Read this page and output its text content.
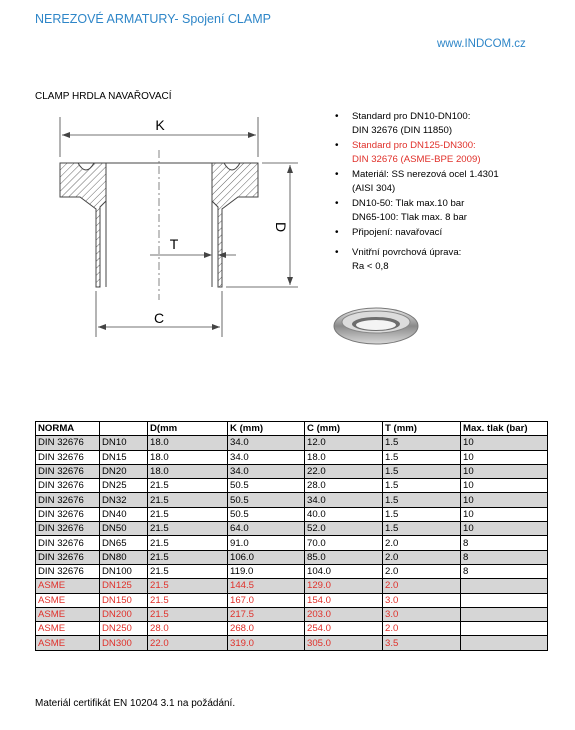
NEREZOVÉ ARMATURY- Spojení CLAMP
www.INDCOM.cz
CLAMP HRDLA NAVAŘOVACÍ
K
D
T
C
• Standard pro DN10-DN100:
DIN 32676 (DIN 11850)
• Standard pro DN125-DN300:
DIN 32676 (ASME-BPE 2009)
• Materiál: SS nerezová ocel 1.4301
(AISI 304)
• DN10-50: Tlak max.10 bar
DN65-100: Tlak max. 8 bar
• Připojení: navařovací
• Vnitřní povrchová úprava:
Ra < 0,8
NORMA		D(mm	K (mm)	C (mm)	T (mm)	Max. tlak (bar)
DIN 32676	DN10	18.0	34.0	12.0	1.5	10
DIN 32676	DN15	18.0	34.0	18.0	1.5	10
DIN 32676	DN20	18.0	34.0	22.0	1.5	10
DIN 32676	DN25	21.5	50.5	28.0	1.5	10
DIN 32676	DN32	21.5	50.5	34.0	1.5	10
DIN 32676	DN40	21.5	50.5	40.0	1.5	10
DIN 32676	DN50	21.5	64.0	52.0	1.5	10
DIN 32676	DN65	21.5	91.0	70.0	2.0	8
DIN 32676	DN80	21.5	106.0	85.0	2.0	8
DIN 32676	DN100	21.5	119.0	104.0	2.0	8
ASME	DN125	21.5	144.5	129.0	2.0	
ASME	DN150	21.5	167.0	154.0	3.0	
ASME	DN200	21.5	217.5	203.0	3.0	
ASME	DN250	28.0	268.0	254.0	2.0	
ASME	DN300	22.0	319.0	305.0	3.5	
Materiál certifikát EN 10204 3.1 na požádání.
